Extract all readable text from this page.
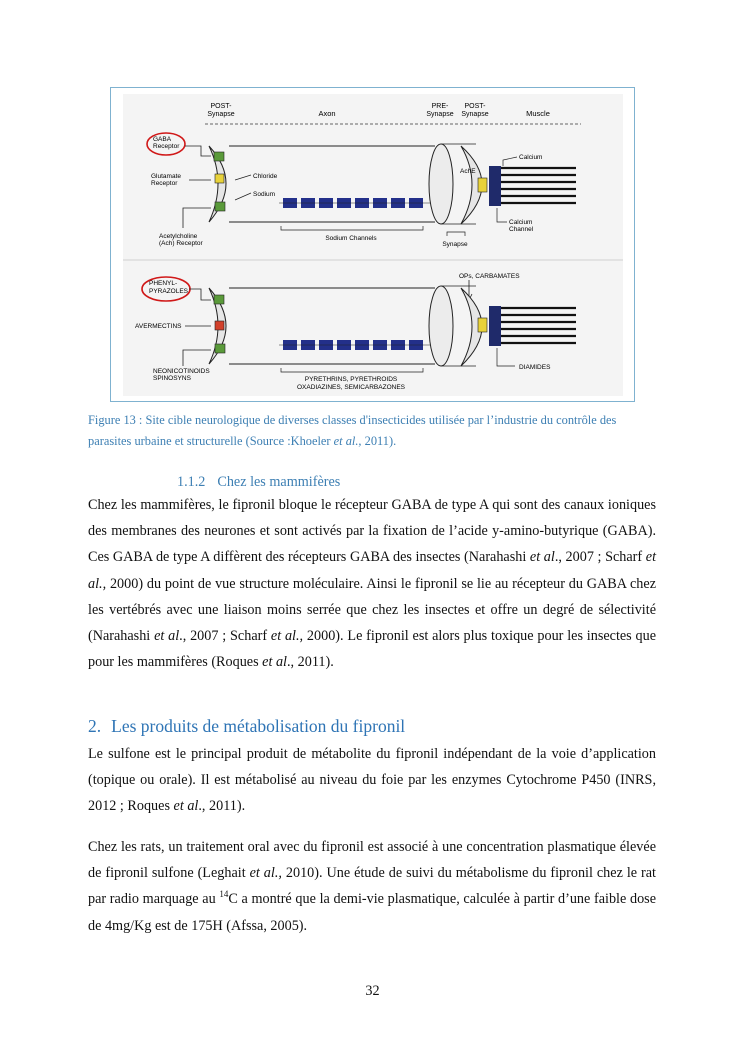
POST-Synapse	Axon
PRE-Synapse
POST-Synapse	Muscle
GABA Receptor
Glutamate Receptor
Acetylcholine (Ach) Receptor
Chloride
Sodium
Sodium Channels
Synapse
AchE
Calcium
Calcium Channel
PHENYL-PYRAZOLES
AVERMECTINS
NEONICOTINOIDS SPINOSYNS	PYRETHRINS, PYRETHROIDS OXADIAZINES, SEMICARBAZONES
OPs, CARBAMATES
DIAMIDES
Figure 13 : Site cible neurologique de diverses classes d'insecticides utilisée par l’industrie du contrôle des parasites urbaine et structurelle (Source :Khoeler et al., 2011).
1.1.2 Chez les mammifères

Chez les mammifères, le fipronil bloque le récepteur GABA de type A qui sont des canaux ioniques des membranes des neurones et sont activés par la fixation de l’acide y-amino-butyrique (GABA). Ces GABA de type A diffèrent des récepteurs GABA des insectes (Narahashi et al., 2007 ; Scharf et al., 2000) du point de vue structure moléculaire. Ainsi le fipronil se lie au récepteur du GABA chez les vertébrés avec une liaison moins serrée que chez les insectes et offre un degré de sélectivité (Narahashi et al., 2007 ; Scharf et al., 2000). Le fipronil est alors plus toxique pour les insectes que pour les mammifères (Roques et al., 2011).

2. Les produits de métabolisation du fipronil

Le sulfone est le principal produit de métabolite du fipronil indépendant de la voie d’application (topique ou orale). Il est métabolisé au niveau du foie par les enzymes Cytochrome P450 (INRS, 2012 ; Roques et al., 2011).

Chez les rats, un traitement oral avec du fipronil est associé à une concentration plasmatique élevée de fipronil sulfone (Leghait et al., 2010). Une étude de suivi du métabolisme du fipronil chez le rat par radio marquage au $^{14}$C a montré que la demi-vie plasmatique, calculée à partir d’une faible dose de 4mg/Kg est de 175H (Afssa, 2005).

32
